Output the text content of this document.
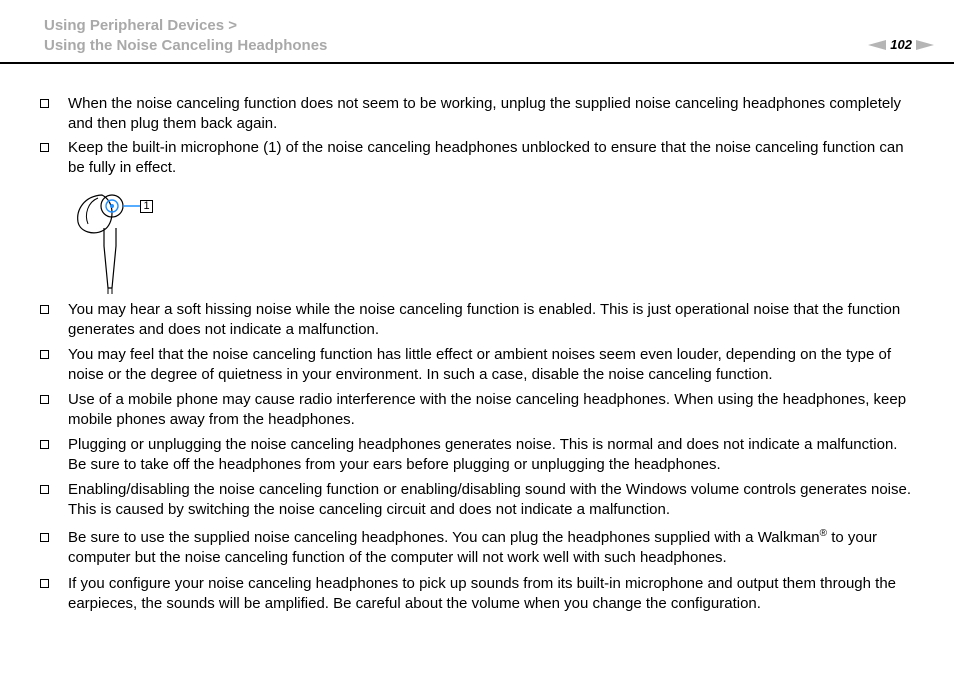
Using Peripheral Devices >
Using the Noise Canceling Headphones	102
When the noise canceling function does not seem to be working, unplug the supplied noise canceling headphones completely and then plug them back again.
Keep the built-in microphone (1) of the noise canceling headphones unblocked to ensure that the noise canceling function can be fully in effect.
1
You may hear a soft hissing noise while the noise canceling function is enabled. This is just operational noise that the function generates and does not indicate a malfunction.
You may feel that the noise canceling function has little effect or ambient noises seem even louder, depending on the type of noise or the degree of quietness in your environment. In such a case, disable the noise canceling function.
Use of a mobile phone may cause radio interference with the noise canceling headphones. When using the headphones, keep mobile phones away from the headphones.
Plugging or unplugging the noise canceling headphones generates noise. This is normal and does not indicate a malfunction. Be sure to take off the headphones from your ears before plugging or unplugging the headphones.
Enabling/disabling the noise canceling function or enabling/disabling sound with the Windows volume controls generates noise. This is caused by switching the noise canceling circuit and does not indicate a malfunction.
Be sure to use the supplied noise canceling headphones. You can plug the headphones supplied with a Walkman® to your computer but the noise canceling function of the computer will not work well with such headphones.
If you configure your noise canceling headphones to pick up sounds from its built-in microphone and output them through the earpieces, the sounds will be amplified. Be careful about the volume when you change the configuration.
